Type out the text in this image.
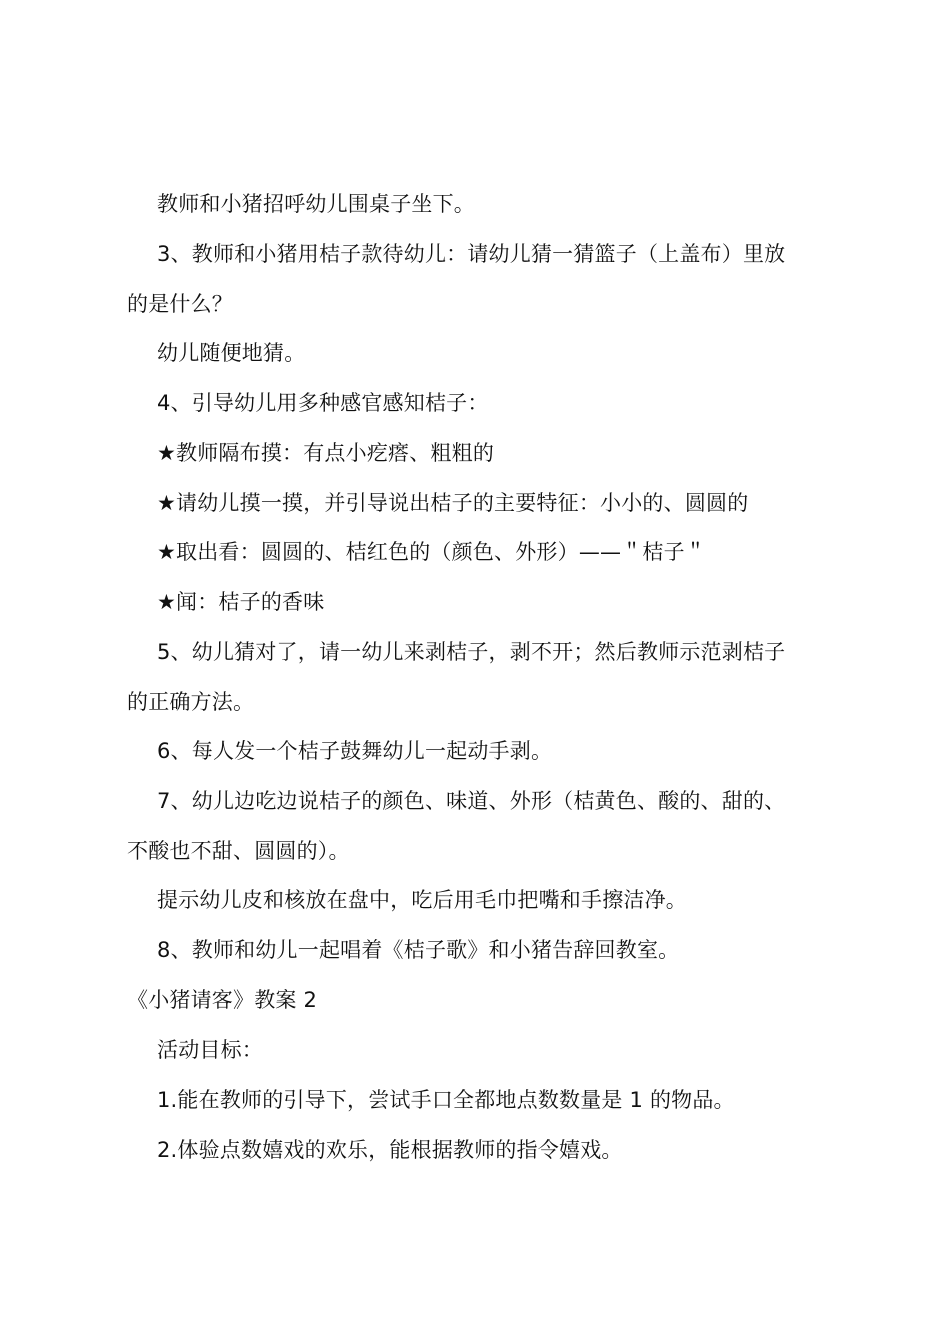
教师和小猪招呼幼儿围桌子坐下。
3、教师和小猪用桔子款待幼儿：请幼儿猜一猜篮子（上盖布）里放
的是什么？
幼儿随便地猜。
4、引导幼儿用多种感官感知桔子：
★教师隔布摸：有点小疙瘩、粗粗的
★请幼儿摸一摸，并引导说出桔子的主要特征：小小的、圆圆的
★取出看：圆圆的、桔红色的（颜色、外形）——＂桔子＂
★闻：桔子的香味
5、幼儿猜对了，请一幼儿来剥桔子，剥不开；然后教师示范剥桔子
的正确方法。
6、每人发一个桔子鼓舞幼儿一起动手剥。
7、幼儿边吃边说桔子的颜色、味道、外形（桔黄色、酸的、甜的、
不酸也不甜、圆圆的）。
提示幼儿皮和核放在盘中，吃后用毛巾把嘴和手擦洁净。
8、教师和幼儿一起唱着《桔子歌》和小猪告辞回教室。
《小猪请客》教案 2
活动目标：
1.能在教师的引导下，尝试手口全都地点数数量是 1 的物品。
2.体验点数嬉戏的欢乐，能根据教师的指令嬉戏。
